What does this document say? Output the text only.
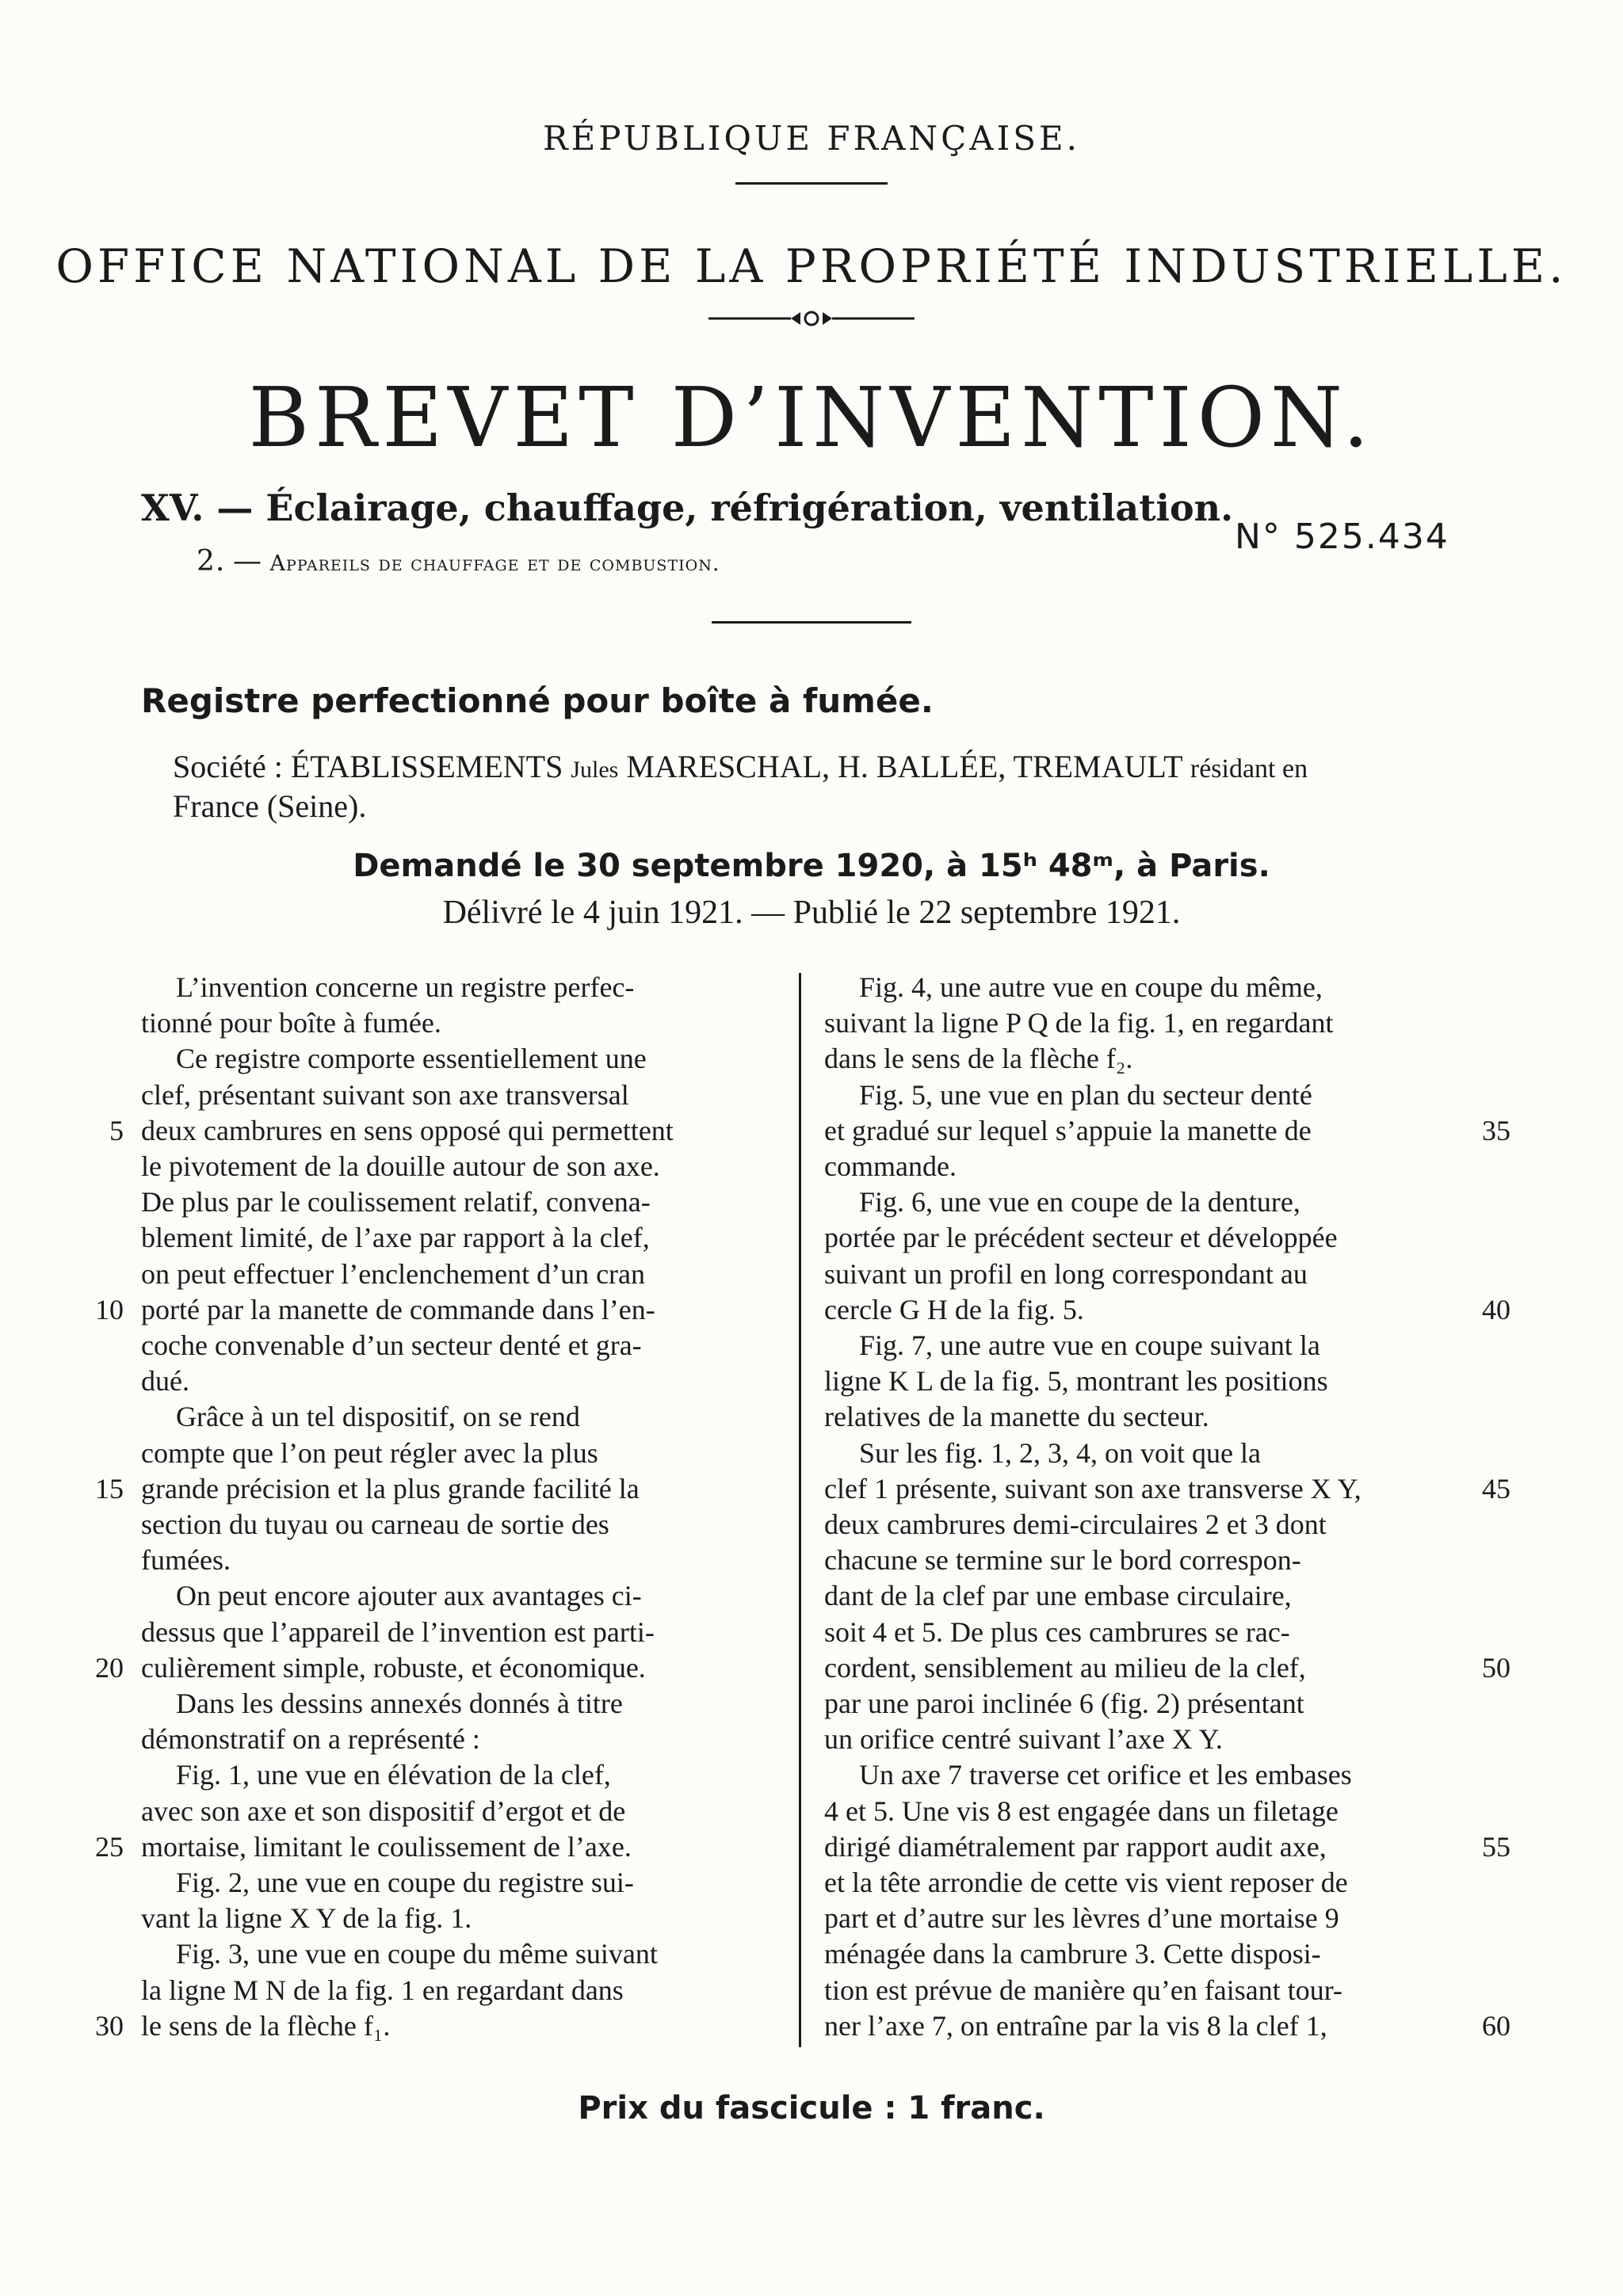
RÉPUBLIQUE FRANÇAISE.
OFFICE NATIONAL DE LA PROPRIÉTÉ INDUSTRIELLE.
BREVET D’INVENTION.
XV. — Éclairage, chauffage, réfrigération, ventilation.
2. — Appareils de chauffage et de combustion.
N° 525.434
Registre perfectionné pour boîte à fumée.
Société : ÉTABLISSEMENTS Jules MARESCHAL, H. BALLÉE, TREMAULT résidant en
France (Seine).
Demandé le 30 septembre 1920, à 15ʰ 48ᵐ, à Paris.
Délivré le 4 juin 1921. — Publié le 22 septembre 1921.
L’invention concerne un registre perfec-
tionné pour boîte à fumée.
Ce registre comporte essentiellement une
clef, présentant suivant son axe transversal
deux cambrures en sens opposé qui permettent
le pivotement de la douille autour de son axe.
De plus par le coulissement relatif, convena-
blement limité, de l’axe par rapport à la clef,
on peut effectuer l’enclenchement d’un cran
porté par la manette de commande dans l’en-
coche convenable d’un secteur denté et gra-
dué.
Grâce à un tel dispositif, on se rend
compte que l’on peut régler avec la plus
grande précision et la plus grande facilité la
section du tuyau ou carneau de sortie des
fumées.
On peut encore ajouter aux avantages ci-
dessus que l’appareil de l’invention est parti-
culièrement simple, robuste, et économique.
Dans les dessins annexés donnés à titre
démonstratif on a représenté :
Fig. 1, une vue en élévation de la clef,
avec son axe et son dispositif d’ergot et de
mortaise, limitant le coulissement de l’axe.
Fig. 2, une vue en coupe du registre sui-
vant la ligne X Y de la fig. 1.
Fig. 3, une vue en coupe du même suivant
la ligne M N de la fig. 1 en regardant dans
le sens de la flèche f₁.
Fig. 4, une autre vue en coupe du même,
suivant la ligne P Q de la fig. 1, en regardant
dans le sens de la flèche f₂.
Fig. 5, une vue en plan du secteur denté
et gradué sur lequel s’appuie la manette de
commande.
Fig. 6, une vue en coupe de la denture,
portée par le précédent secteur et développée
suivant un profil en long correspondant au
cercle G H de la fig. 5.
Fig. 7, une autre vue en coupe suivant la
ligne K L de la fig. 5, montrant les positions
relatives de la manette du secteur.
Sur les fig. 1, 2, 3, 4, on voit que la
clef 1 présente, suivant son axe transverse X Y,
deux cambrures demi-circulaires 2 et 3 dont
chacune se termine sur le bord correspon-
dant de la clef par une embase circulaire,
soit 4 et 5. De plus ces cambrures se rac-
cordent, sensiblement au milieu de la clef,
par une paroi inclinée 6 (fig. 2) présentant
un orifice centré suivant l’axe X Y.
Un axe 7 traverse cet orifice et les embases
4 et 5. Une vis 8 est engagée dans un filetage
dirigé diamétralement par rapport audit axe,
et la tête arrondie de cette vis vient reposer de
part et d’autre sur les lèvres d’une mortaise 9
ménagée dans la cambrure 3. Cette disposi-
tion est prévue de manière qu’en faisant tour-
ner l’axe 7, on entraîne par la vis 8 la clef 1,
5
10
15
20
25
30
35
40
45
50
55
60
Prix du fascicule : 1 franc.
